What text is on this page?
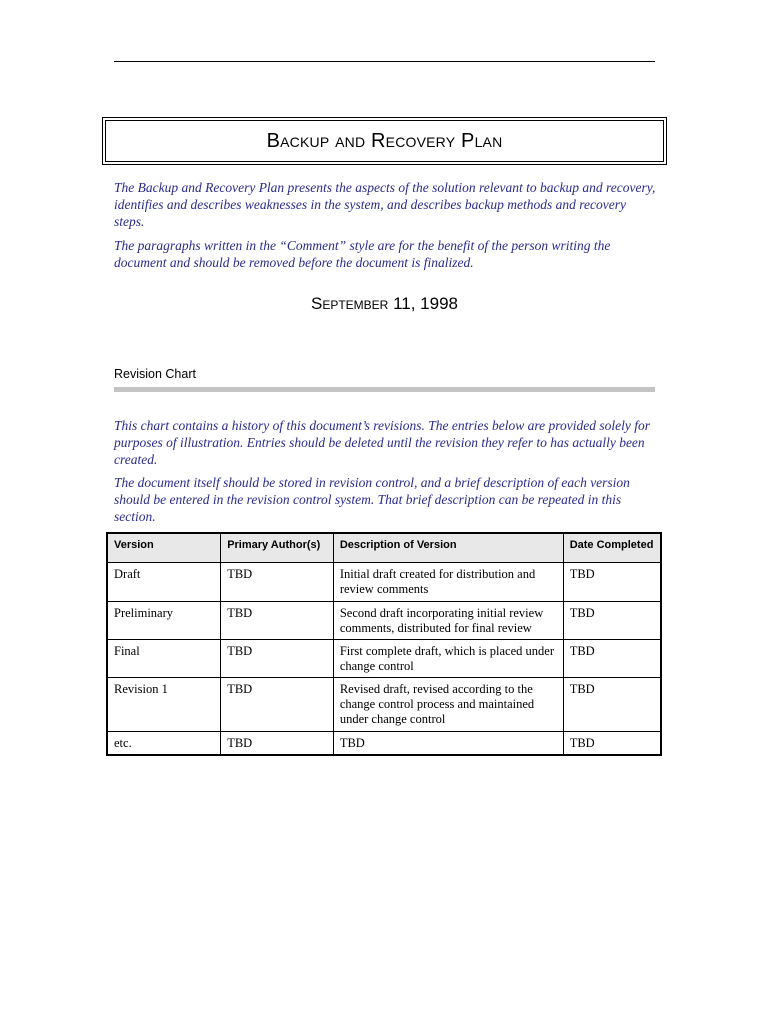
Backup and Recovery Plan

The Backup and Recovery Plan presents the aspects of the solution relevant to backup and recovery, identifies and describes weaknesses in the system, and describes backup methods and recovery steps.

The paragraphs written in the “Comment” style are for the benefit of the person writing the document and should be removed before the document is finalized.

September 11, 1998
Revision Chart

This chart contains a history of this document’s revisions. The entries below are provided solely for purposes of illustration. Entries should be deleted until the revision they refer to has actually been created.

The document itself should be stored in revision control, and a brief description of each version should be entered in the revision control system. That brief description can be repeated in this section.

Version	Primary Author(s)	Description of Version	Date Completed
Draft	TBD	Initial draft created for distribution and review comments	TBD
Preliminary	TBD	Second draft incorporating initial review comments, distributed for final review	TBD
Final	TBD	First complete draft, which is placed under change control	TBD
Revision 1	TBD	Revised draft, revised according to the change control process and maintained under change control	TBD
etc.	TBD	TBD	TBD
